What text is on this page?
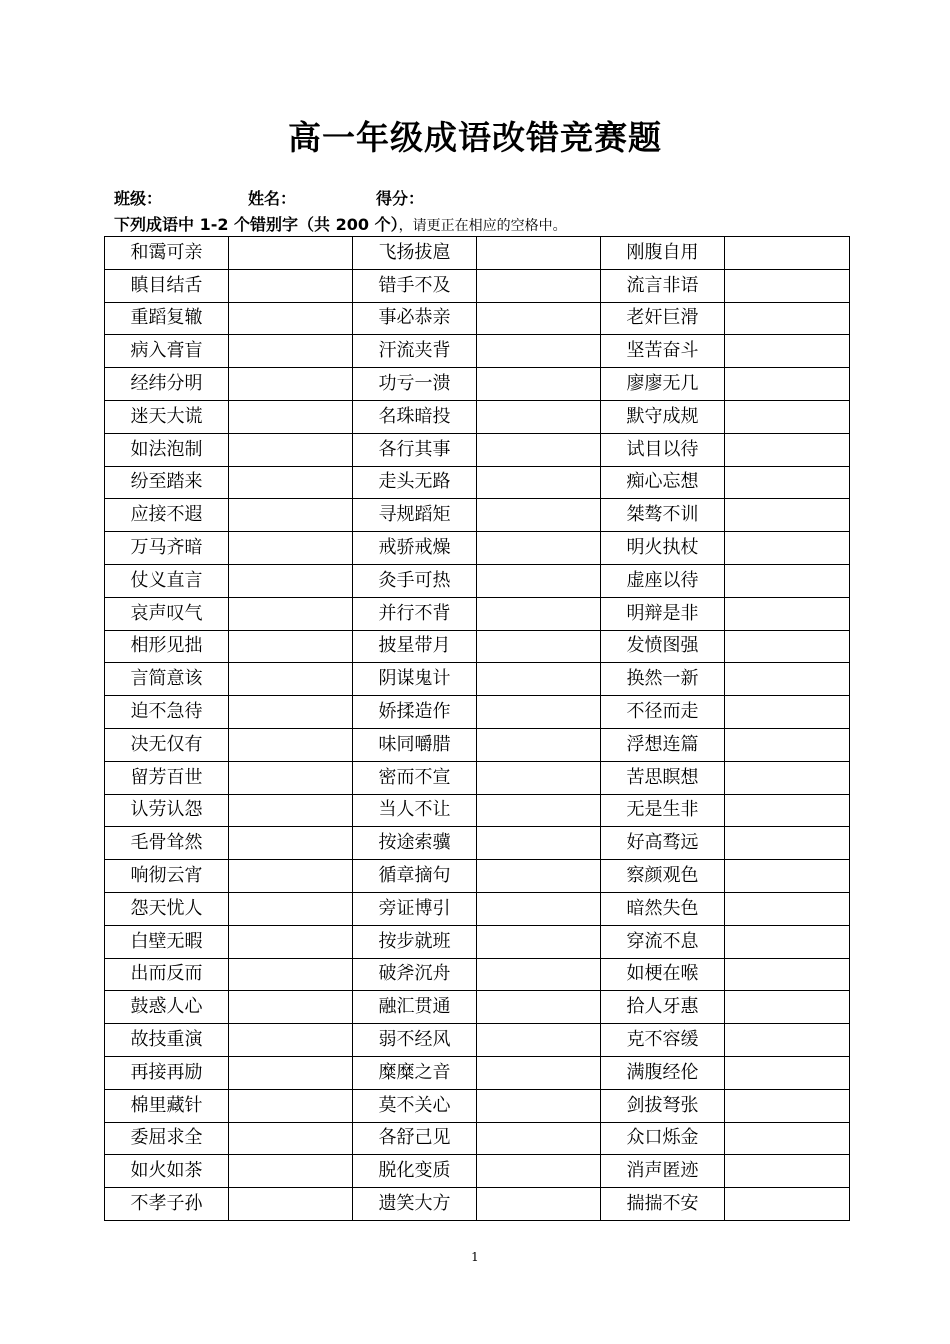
高一年级成语改错竞赛题
班级：	姓名：	得分：
下列成语中 1-2 个错别字（共 200 个），请更正在相应的空格中。
和霭可亲		飞扬拔扈		刚腹自用	
瞋目结舌		错手不及		流言非语	
重蹈复辙		事必恭亲		老奸巨滑	
病入膏盲		汗流夹背		坚苦奋斗	
经纬分明		功亏一溃		廖廖无几	
迷天大谎		名珠暗投		默守成规	
如法泡制		各行其事		试目以待	
纷至踏来		走头无路		痴心忘想	
应接不遐		寻规蹈矩		桀骜不训	
万马齐暗		戒骄戒燥		明火执杖	
仗义直言		灸手可热		虚座以待	
哀声叹气		并行不背		明辩是非	
相形见拙		披星带月		发愤图强	
言简意该		阴谋鬼计		换然一新	
迫不急待		娇揉造作		不径而走	
决无仅有		味同嚼腊		浮想连篇	
留芳百世		密而不宣		苦思瞑想	
认劳认怨		当人不让		无是生非	
毛骨耸然		按途索骥		好高骛远	
响彻云宵		循章摘句		察颜观色	
怨天忧人		旁证博引		暗然失色	
白壁无暇		按步就班		穿流不息	
出而反而		破斧沉舟		如梗在喉	
鼓惑人心		融汇贯通		拾人牙惠	
故技重演		弱不经风		克不容缓	
再接再励		糜糜之音		满腹经伦	
棉里藏针		莫不关心		剑拔弩张	
委屈求全		各舒己见		众口烁金	
如火如茶		脱化变质		消声匿迹	
不孝子孙		遗笑大方		揣揣不安	
1
